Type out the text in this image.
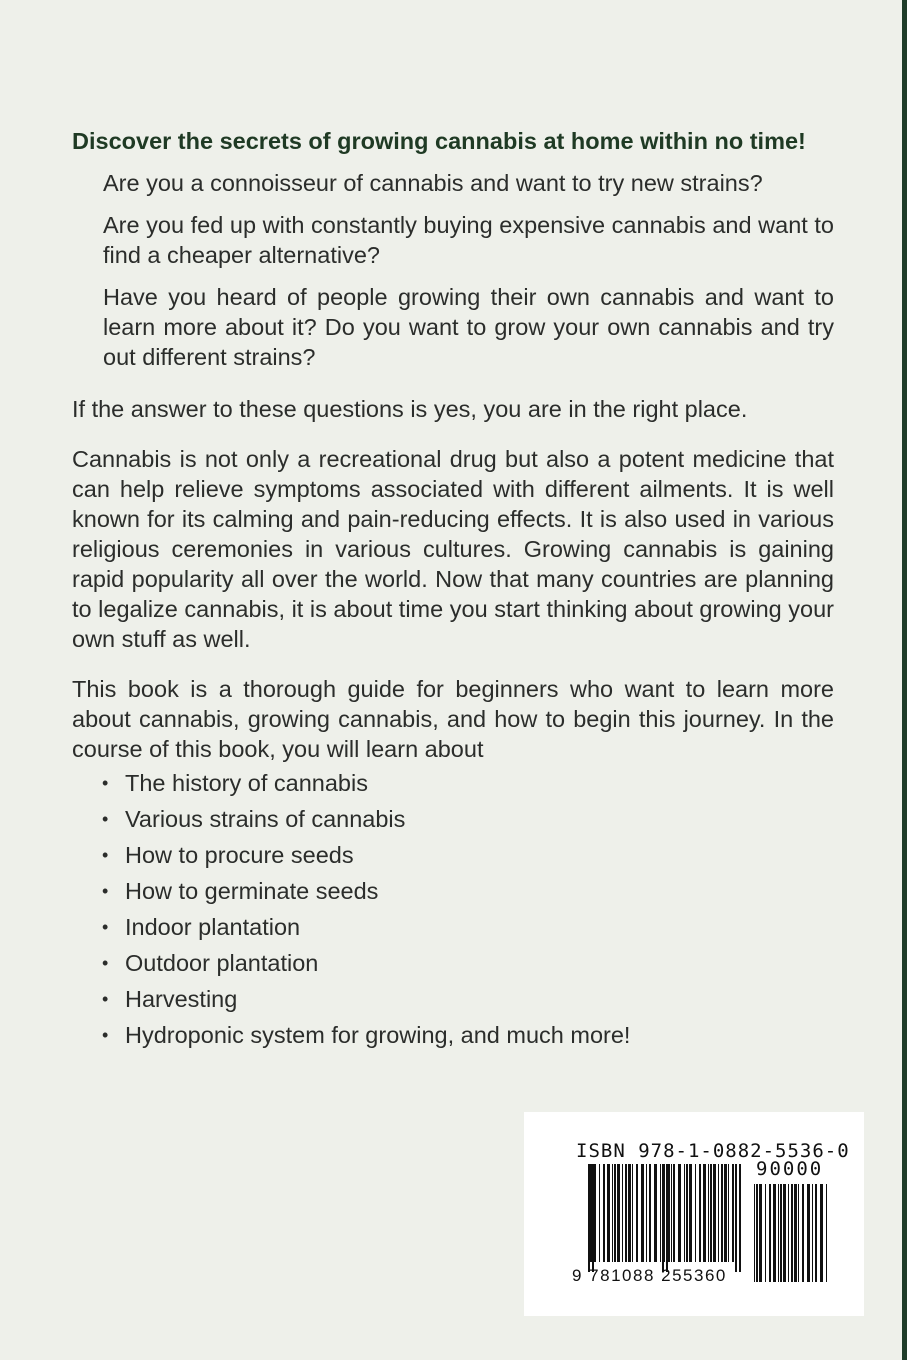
Discover the secrets of growing cannabis at home within no time!

Are you a connoisseur of cannabis and want to try new strains?

Are you fed up with constantly buying expensive cannabis and want to find a cheaper alternative?

Have you heard of people growing their own cannabis and want to learn more about it? Do you want to grow your own cannabis and try out different strains?

If the answer to these questions is yes, you are in the right place.

Cannabis is not only a recreational drug but also a potent medicine that can help relieve symptoms associated with different ailments. It is well known for its calming and pain-reducing effects. It is also used in various religious ceremonies in various cultures. Growing cannabis is gaining rapid popularity all over the world. Now that many countries are planning to legalize cannabis, it is about time you start thinking about growing your own stuff as well.

This book is a thorough guide for beginners who want to learn more about cannabis, growing cannabis, and how to begin this journey. In the course of this book, you will learn about

• The history of cannabis
• Various strains of cannabis
• How to procure seeds
• How to germinate seeds
• Indoor plantation
• Outdoor plantation
• Harvesting
• Hydroponic system for growing, and much more!
ISBN 978-1-0882-5536-0
90000
9 781088 255360
